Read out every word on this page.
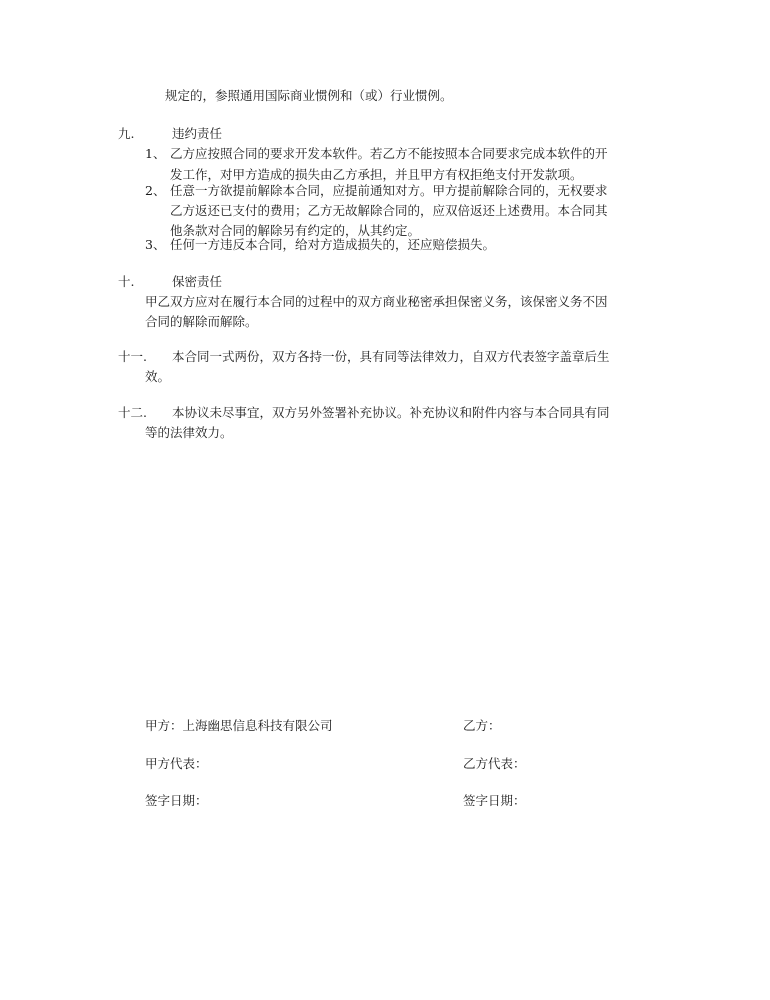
规定的，参照通用国际商业惯例和（或）行业惯例。
九.	违约责任
1、 乙方应按照合同的要求开发本软件。若乙方不能按照本合同要求完成本软件的开
发工作，对甲方造成的损失由乙方承担，并且甲方有权拒绝支付开发款项。
2、 任意一方欲提前解除本合同，应提前通知对方。甲方提前解除合同的，无权要求
乙方返还已支付的费用；乙方无故解除合同的，应双倍返还上述费用。本合同其
他条款对合同的解除另有约定的，从其约定。
3、 任何一方违反本合同，给对方造成损失的，还应赔偿损失。
十.	保密责任
甲乙双方应对在履行本合同的过程中的双方商业秘密承担保密义务，该保密义务不因
合同的解除而解除。
十一. 本合同一式两份，双方各持一份，具有同等法律效力，自双方代表签字盖章后生
效。
十二. 本协议未尽事宜，双方另外签署补充协议。补充协议和附件内容与本合同具有同
等的法律效力。
甲方：上海幽思信息科技有限公司	乙方：
甲方代表：	乙方代表：
签字日期：	签字日期：
